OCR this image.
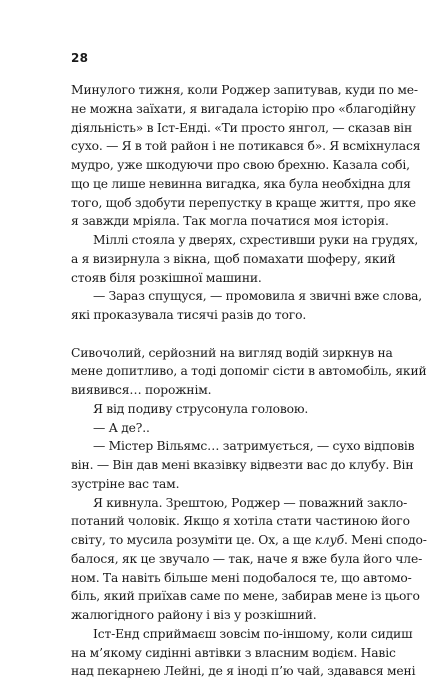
28
Минулого тижня, коли Роджер запитував, куди по ме-
не можна заїхати, я вигадала історію про «благодійну
діяльність» в Іст-Енді. «Ти просто янгол, — сказав він
сухо. — Я в той район і не потикався б». Я всміхнулася
мудро, уже шкодуючи про свою брехню. Казала собі,
що це лише невинна вигадка, яка була необхідна для
того, щоб здобути перепустку в краще життя, про яке
я завжди мріяла. Так могла початися моя історія.
Міллі стояла у дверях, схрестивши руки на грудях,
а я визирнула з вікна, щоб помахати шоферу, який
стояв біля розкішної машини.
— Зараз спущуся, — промовила я звичні вже слова,
які проказувала тисячі разів до того.

Сивочолий, серйозний на вигляд водій зиркнув на
мене допитливо, а тоді допоміг сісти в автомобіль, який
виявився… порожнім.
Я від подиву струсонула головою.
— А де?..
— Містер Вільямс… затримується, — сухо відповів
він. — Він дав мені вказівку відвезти вас до клубу. Він
зустріне вас там.
Я кивнула. Зрештою, Роджер — поважний закло-
потаний чоловік. Якщо я хотіла стати частиною його
світу, то мусила розуміти це. Ох, а ще клуб. Мені сподо-
балося, як це звучало — так, наче я вже була його чле-
ном. Та навіть більше мені подобалося те, що автомо-
біль, який приїхав саме по мене, забирав мене із цього
жалюгідного району і віз у розкішний.
Іст-Енд сприймаєш зовсім по-іншому, коли сидиш
на м’якому сидінні автівки з власним водієм. Навіс
над пекарнею Лейні, де я іноді п’ю чай, здавався мені
